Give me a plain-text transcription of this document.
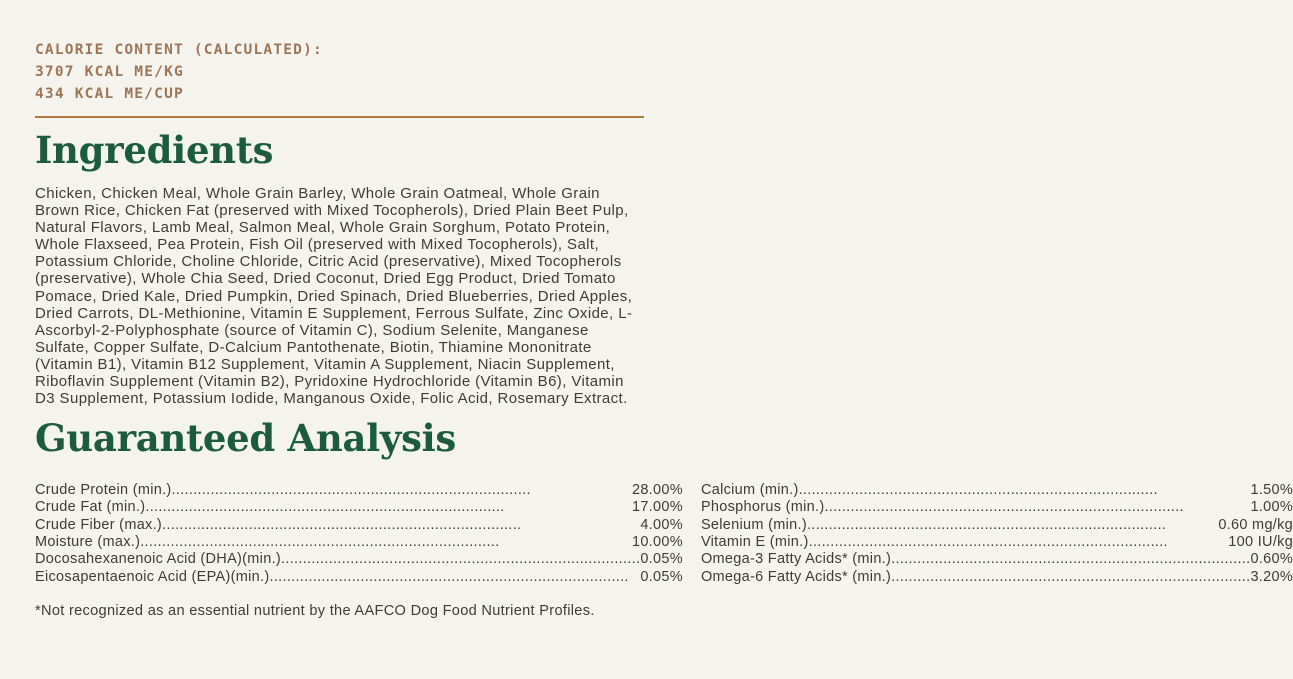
CALORIE CONTENT (CALCULATED):
3707 KCAL ME/KG
434 KCAL ME/CUP
Ingredients
Chicken, Chicken Meal, Whole Grain Barley, Whole Grain Oatmeal, Whole Grain Brown Rice, Chicken Fat (preserved with Mixed Tocopherols), Dried Plain Beet Pulp, Natural Flavors, Lamb Meal, Salmon Meal, Whole Grain Sorghum, Potato Protein, Whole Flaxseed, Pea Protein, Fish Oil (preserved with Mixed Tocopherols), Salt, Potassium Chloride, Choline Chloride, Citric Acid (preservative), Mixed Tocopherols (preservative), Whole Chia Seed, Dried Coconut, Dried Egg Product, Dried Tomato Pomace, Dried Kale, Dried Pumpkin, Dried Spinach, Dried Blueberries, Dried Apples, Dried Carrots, DL-Methionine, Vitamin E Supplement, Ferrous Sulfate, Zinc Oxide, L-Ascorbyl-2-Polyphosphate (source of Vitamin C), Sodium Selenite, Manganese Sulfate, Copper Sulfate, D-Calcium Pantothenate, Biotin, Thiamine Mononitrate (Vitamin B1), Vitamin B12 Supplement, Vitamin A Supplement, Niacin Supplement, Riboflavin Supplement (Vitamin B2), Pyridoxine Hydrochloride (Vitamin B6), Vitamin D3 Supplement, Potassium Iodide, Manganous Oxide, Folic Acid, Rosemary Extract.
Guaranteed Analysis
Crude Protein (min.) .....	28.00%
Crude Fat (min.) .....	17.00%
Crude Fiber (max.) .....	4.00%
Moisture (max.) .....	10.00%
Docosahexanenoic Acid (DHA)(min.) .....	0.05%
Eicosapentaenoic Acid (EPA)(min.) .....	0.05%
Calcium (min.) .....	1.50%
Phosphorus (min.) .....	1.00%
Selenium (min.) .....	0.60 mg/kg
Vitamin E (min.) .....	100 IU/kg
Omega-3 Fatty Acids* (min.) .....	0.60%
Omega-6 Fatty Acids* (min.) .....	3.20%
*Not recognized as an essential nutrient by the AAFCO Dog Food Nutrient Profiles.
